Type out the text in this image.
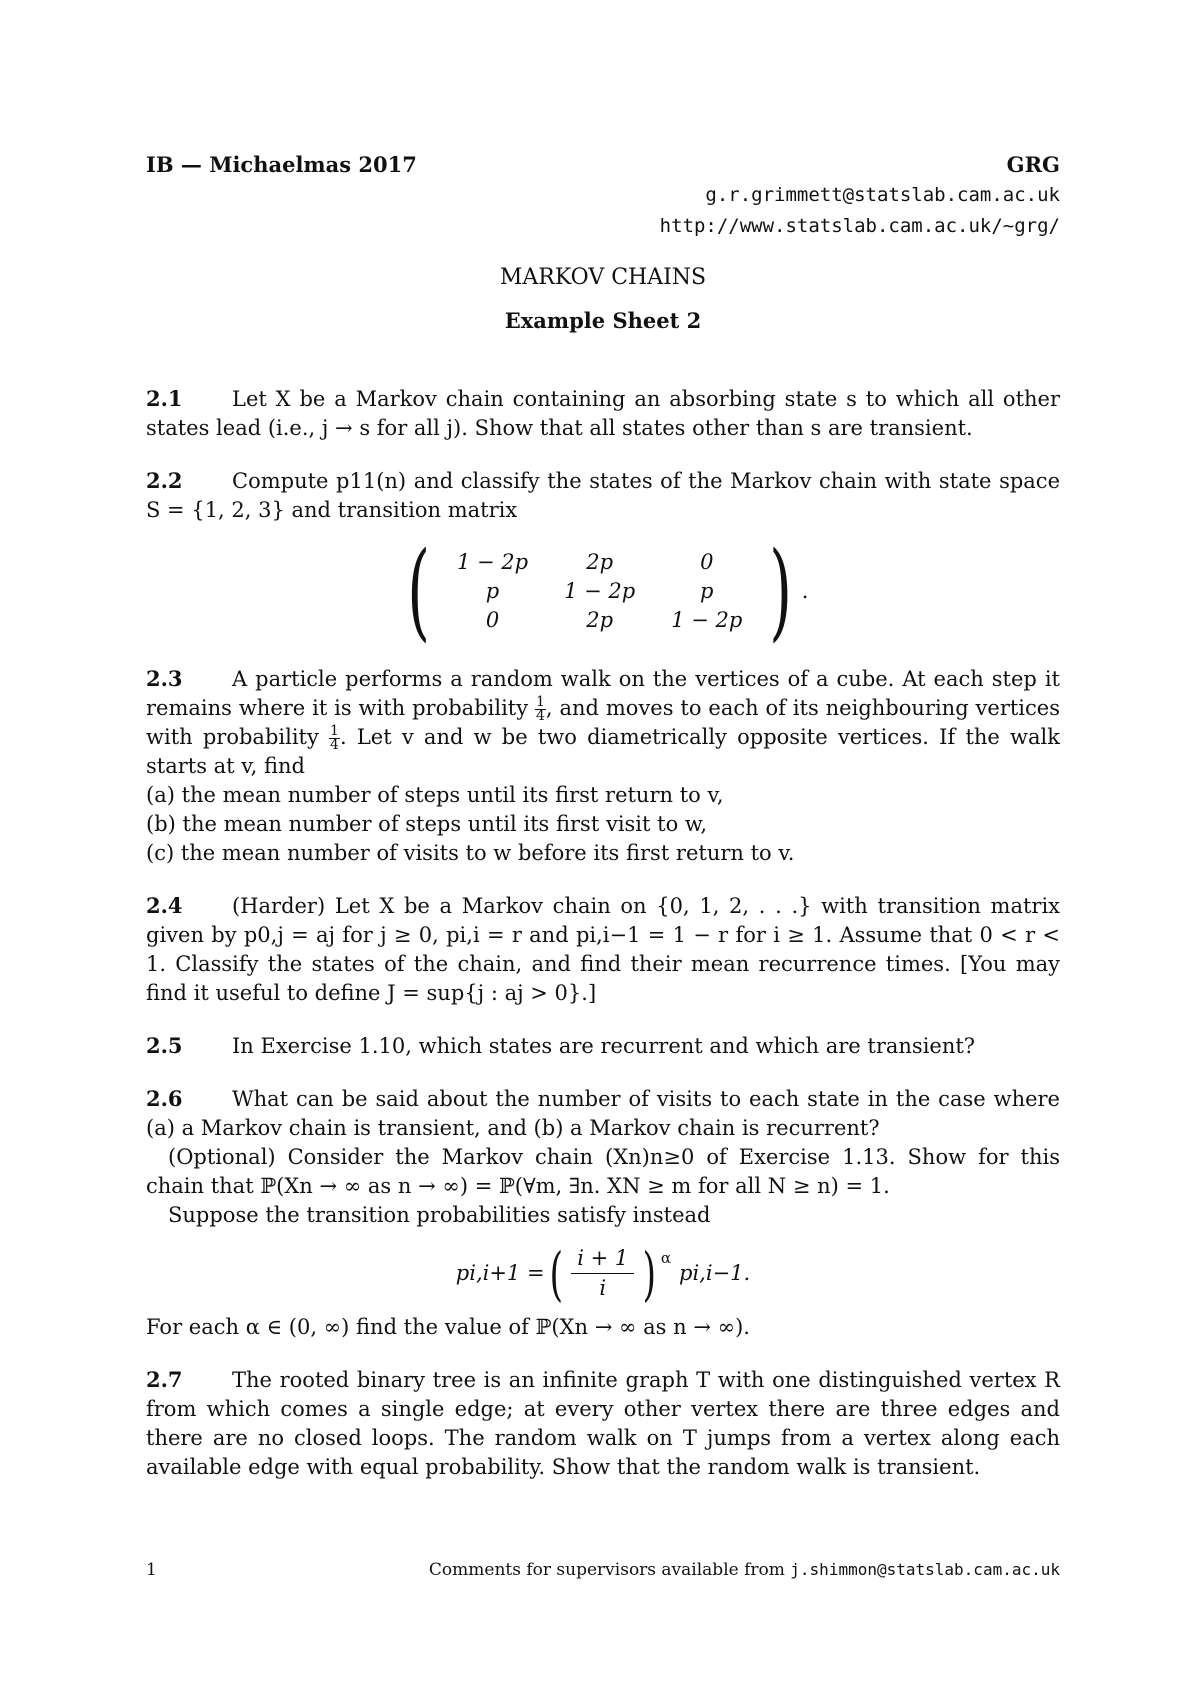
IB — Michaelmas 2017	GRG
g.r.grimmett@statslab.cam.ac.uk
http://www.statslab.cam.ac.uk/~grg/
MARKOV CHAINS
Example Sheet 2

2.1 Let X be a Markov chain containing an absorbing state s to which all other states lead (i.e., j → s for all j). Show that all states other than s are transient.

2.2 Compute p11(n) and classify the states of the Markov chain with state space S = {1, 2, 3} and transition matrix

( 1 − 2p	2p	0
p	1 − 2p	p
0	2p	1 − 2p ) .

2.3 A particle performs a random walk on the vertices of a cube. At each step it remains where it is with probability $\frac{1}{4}$ , and moves to each of its neighbouring vertices with probability $\frac{1}{4}$ . Let v and w be two diametrically opposite vertices. If the walk starts at v, find

(a) the mean number of steps until its first return to v,
(b) the mean number of steps until its first visit to w,
(c) the mean number of visits to w before its first return to v.

2.4 (Harder) Let X be a Markov chain on {0, 1, 2, . . .} with transition matrix given by p0,j = aj for j ≥ 0, pi,i = r and pi,i−1 = 1 − r for i ≥ 1. Assume that 0 < r < 1. Classify the states of the chain, and find their mean recurrence times. [You may find it useful to define J = sup{j : aj > 0}.]

2.5 In Exercise 1.10, which states are recurrent and which are transient?

2.6 What can be said about the number of visits to each state in the case where (a) a Markov chain is transient, and (b) a Markov chain is recurrent?

(Optional) Consider the Markov chain (Xn)n≥0 of Exercise 1.13. Show for this chain that ℙ(Xn → ∞ as n → ∞) = ℙ(∀m, ∃n. XN ≥ m for all N ≥ n) = 1.

Suppose the transition probabilities satisfy instead

pi,i+1 = ( $\frac{i + 1}{i}$ ) α
pi,i−1.

For each α ∈ (0, ∞) find the value of ℙ(Xn → ∞ as n → ∞).

2.7 The rooted binary tree is an infinite graph T with one distinguished vertex R from which comes a single edge; at every other vertex there are three edges and there are no closed loops. The random walk on T jumps from a vertex along each available edge with equal probability. Show that the random walk is transient.

1	Comments for supervisors available from j.shimmon@statslab.cam.ac.uk
